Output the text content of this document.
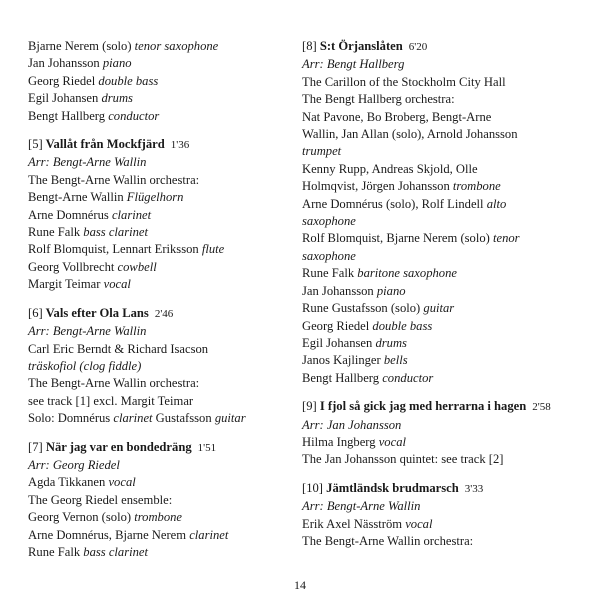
Bjarne Nerem (solo) tenor saxophone
Jan Johansson piano
Georg Riedel double bass
Egil Johansen drums
Bengt Hallberg conductor
[5] Vallåt från Mockfjärd 1'36
Arr: Bengt-Arne Wallin
The Bengt-Arne Wallin orchestra:
Bengt-Arne Wallin Flügelhorn
Arne Domnérus clarinet
Rune Falk bass clarinet
Rolf Blomquist, Lennart Eriksson flute
Georg Vollbrecht cowbell
Margit Teimar vocal
[6] Vals efter Ola Lans 2'46
Arr: Bengt-Arne Wallin
Carl Eric Berndt & Richard Isacson
träskofiol (clog fiddle)
The Bengt-Arne Wallin orchestra:
see track [1] excl. Margit Teimar
Solo: Domnérus clarinet Gustafsson guitar
[7] När jag var en bondedräng 1'51
Arr: Georg Riedel
Agda Tikkanen vocal
The Georg Riedel ensemble:
Georg Vernon (solo) trombone
Arne Domnérus, Bjarne Nerem clarinet
Rune Falk bass clarinet
[8] S:t Örjanslåten 6'20
Arr: Bengt Hallberg
The Carillon of the Stockholm City Hall
The Bengt Hallberg orchestra:
Nat Pavone, Bo Broberg, Bengt-Arne
Wallin, Jan Allan (solo), Arnold Johansson
trumpet
Kenny Rupp, Andreas Skjold, Olle
Holmqvist, Jörgen Johansson trombone
Arne Domnérus (solo), Rolf Lindell alto
saxophone
Rolf Blomquist, Bjarne Nerem (solo) tenor
saxophone
Rune Falk baritone saxophone
Jan Johansson piano
Rune Gustafsson (solo) guitar
Georg Riedel double bass
Egil Johansen drums
Janos Kajlinger bells
Bengt Hallberg conductor
[9] I fjol så gick jag med herrarna i hagen 2'58
Arr: Jan Johansson
Hilma Ingberg vocal
The Jan Johansson quintet: see track [2]
[10] Jämtländsk brudmarsch 3'33
Arr: Bengt-Arne Wallin
Erik Axel Näsström vocal
The Bengt-Arne Wallin orchestra:
14
